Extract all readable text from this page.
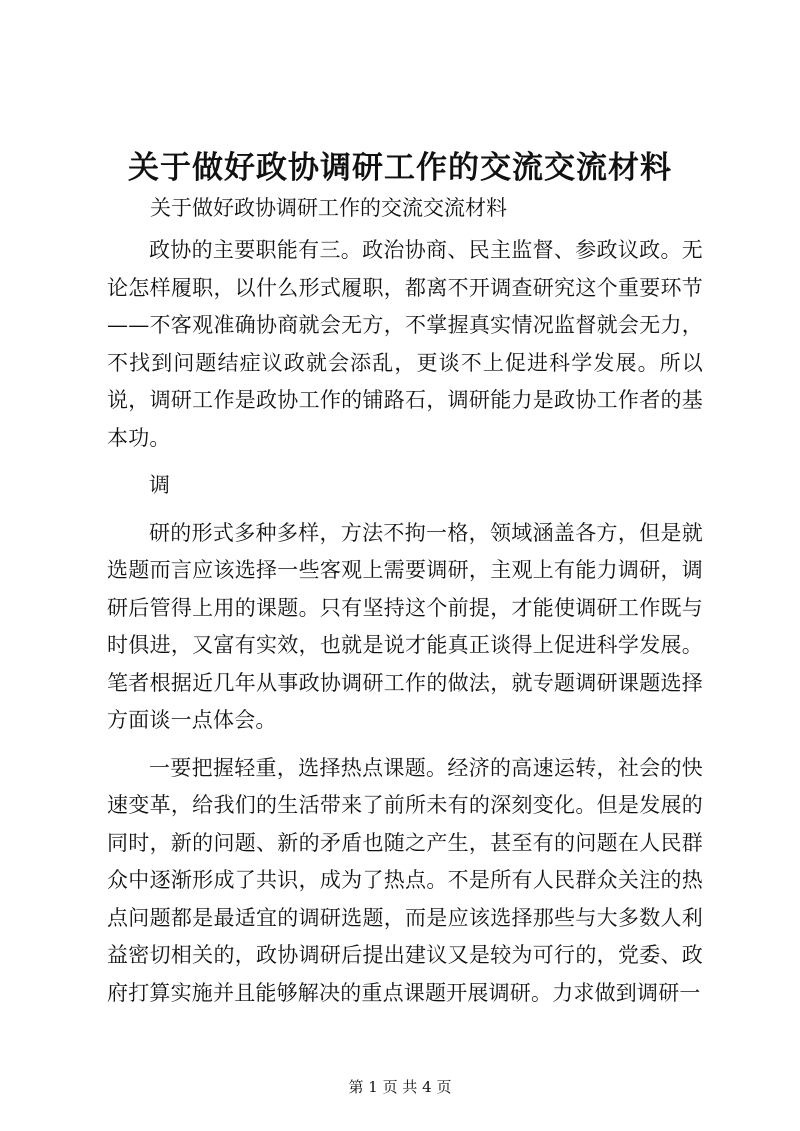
关于做好政协调研工作的交流交流材料

关于做好政协调研工作的交流交流材料

政协的主要职能有三。政治协商、民主监督、参政议政。无论怎样履职，以什么形式履职，都离不开调查研究这个重要环节——不客观准确协商就会无方，不掌握真实情况监督就会无力，不找到问题结症议政就会添乱，更谈不上促进科学发展。所以说，调研工作是政协工作的铺路石，调研能力是政协工作者的基本功。

调

研的形式多种多样，方法不拘一格，领域涵盖各方，但是就选题而言应该选择一些客观上需要调研，主观上有能力调研，调研后管得上用的课题。只有坚持这个前提，才能使调研工作既与时俱进，又富有实效，也就是说才能真正谈得上促进科学发展。笔者根据近几年从事政协调研工作的做法，就专题调研课题选择方面谈一点体会。

一要把握轻重，选择热点课题。经济的高速运转，社会的快速变革，给我们的生活带来了前所未有的深刻变化。但是发展的同时，新的问题、新的矛盾也随之产生，甚至有的问题在人民群众中逐渐形成了共识，成为了热点。不是所有人民群众关注的热点问题都是最适宜的调研选题，而是应该选择那些与大多数人利益密切相关的，政协调研后提出建议又是较为可行的，党委、政府打算实施并且能够解决的重点课题开展调研。力求做到调研一

第 1 页 共 4 页
